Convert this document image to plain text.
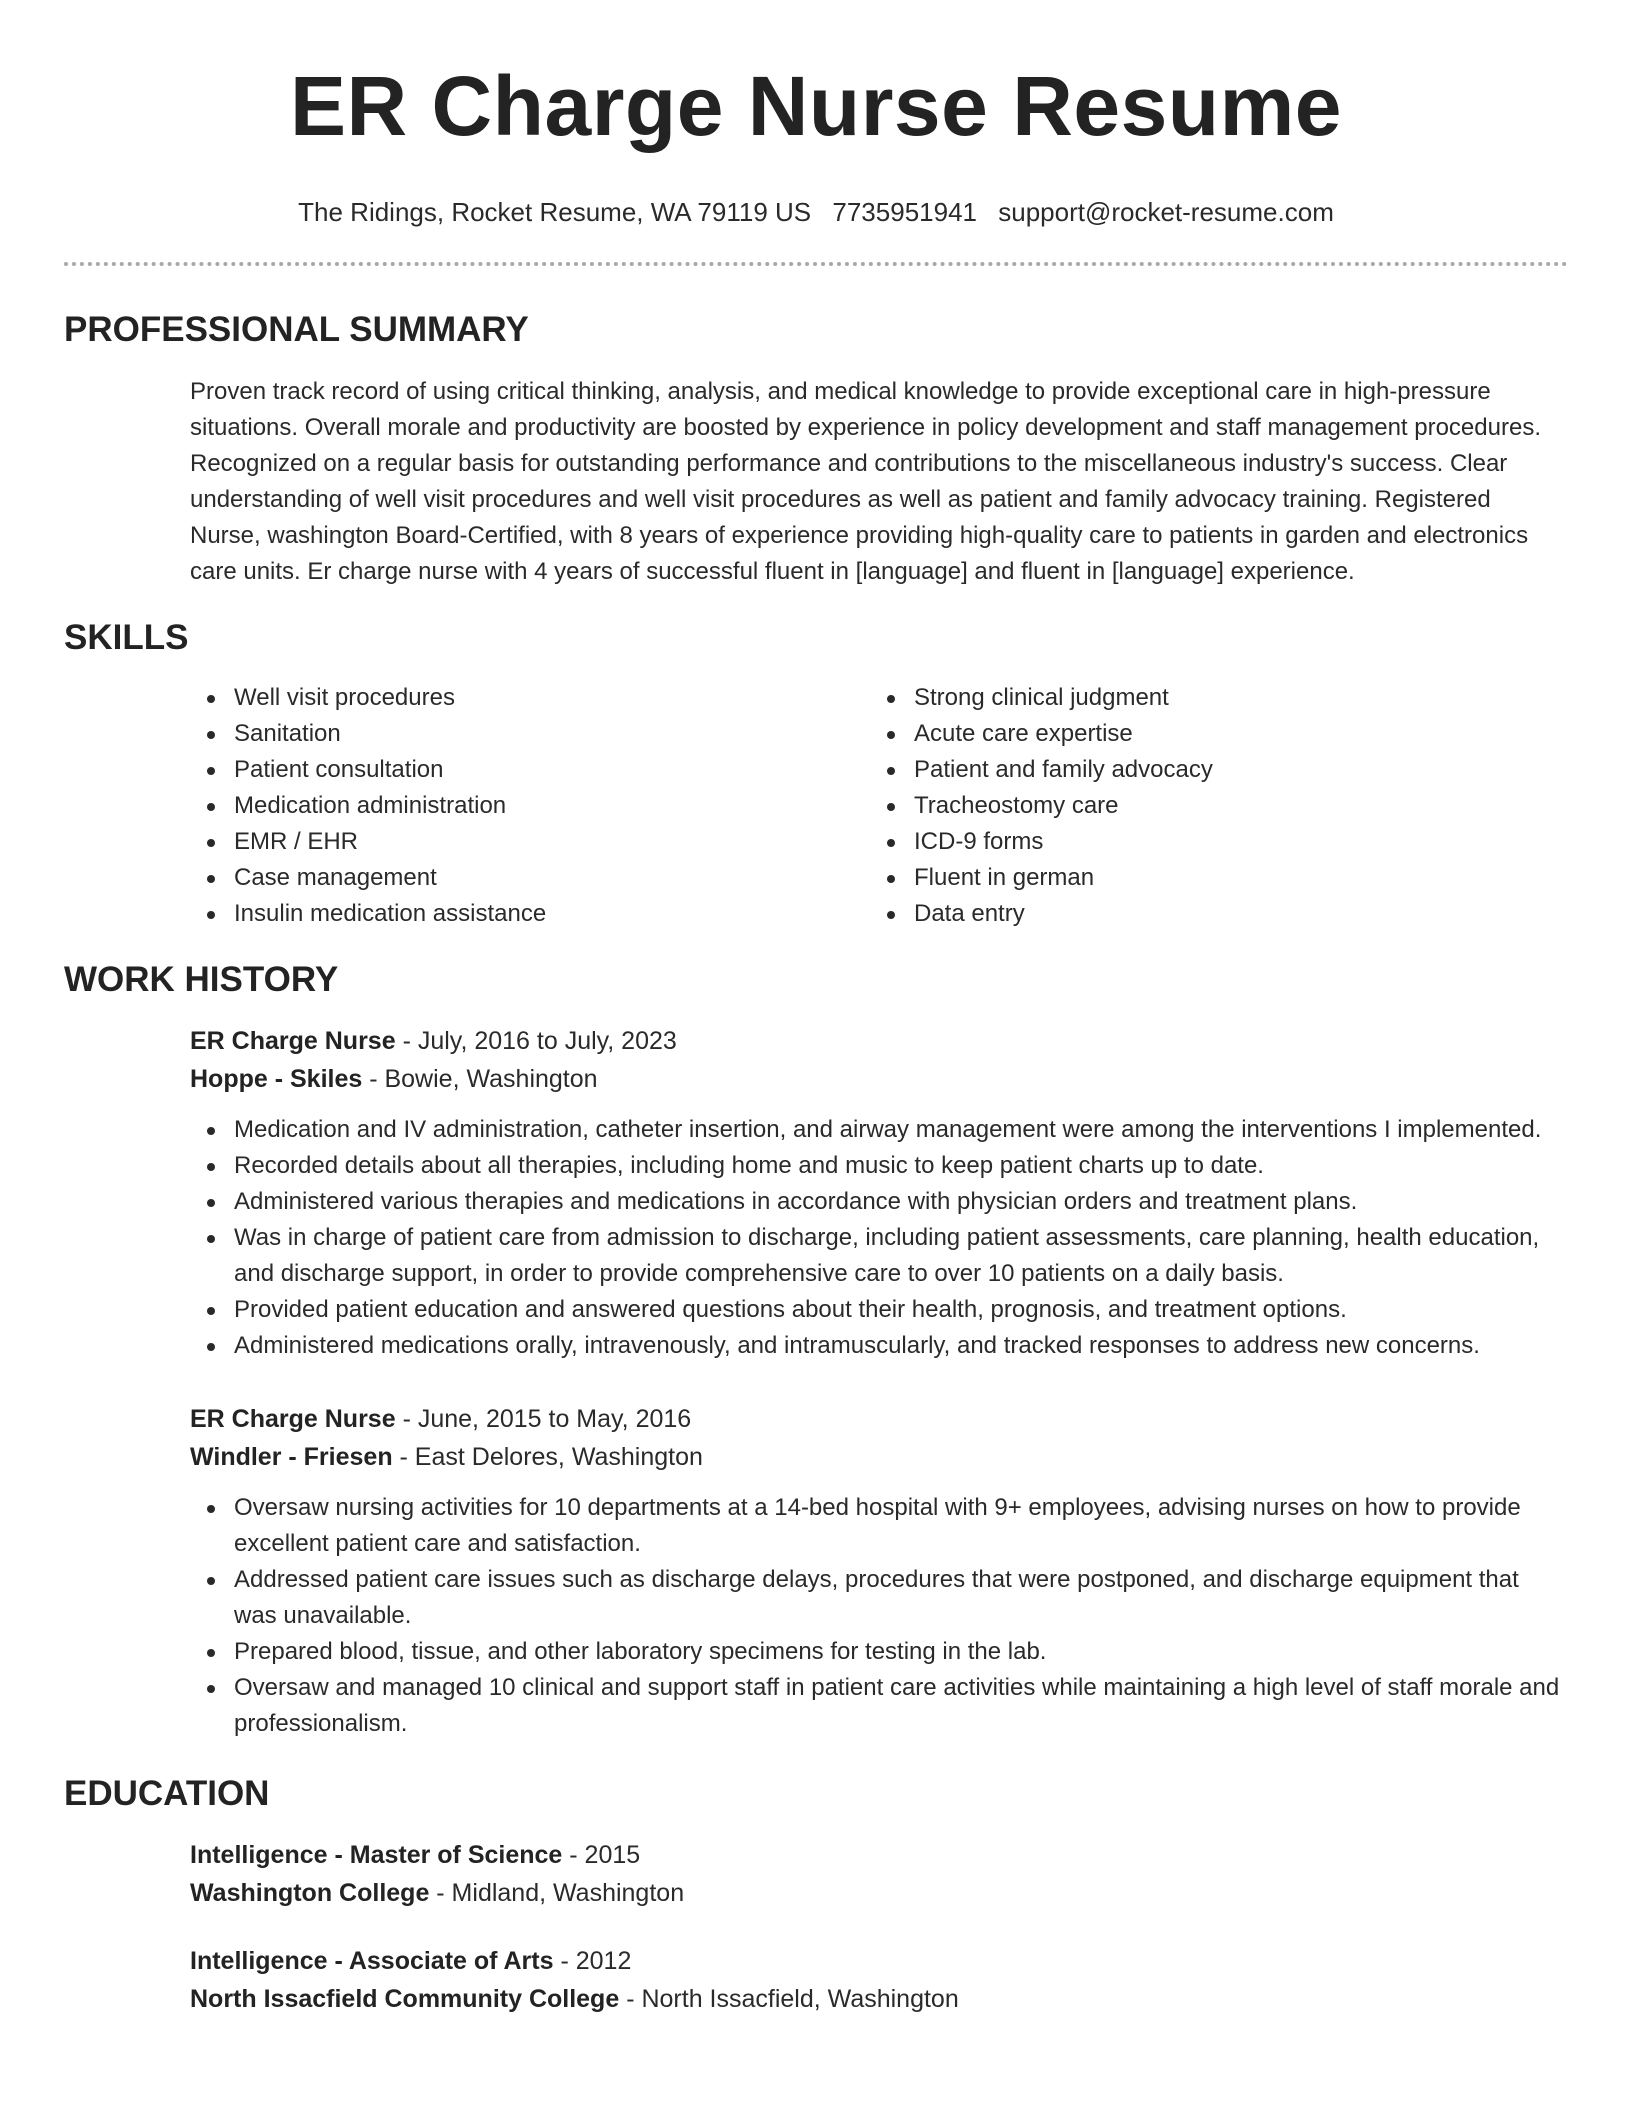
ER Charge Nurse Resume
The Ridings, Rocket Resume, WA 79119 US 7735951941 support@rocket-resume.com
PROFESSIONAL SUMMARY
Proven track record of using critical thinking, analysis, and medical knowledge to provide exceptional care in high-pressure situations. Overall morale and productivity are boosted by experience in policy development and staff management procedures. Recognized on a regular basis for outstanding performance and contributions to the miscellaneous industry's success. Clear understanding of well visit procedures and well visit procedures as well as patient and family advocacy training. Registered Nurse, washington Board-Certified, with 8 years of experience providing high-quality care to patients in garden and electronics care units. Er charge nurse with 4 years of successful fluent in [language] and fluent in [language] experience.
SKILLS
Well visit procedures
Sanitation
Patient consultation
Medication administration
EMR / EHR
Case management
Insulin medication assistance
Strong clinical judgment
Acute care expertise
Patient and family advocacy
Tracheostomy care
ICD-9 forms
Fluent in german
Data entry
WORK HISTORY
ER Charge Nurse - July, 2016 to July, 2023
Hoppe - Skiles - Bowie, Washington
Medication and IV administration, catheter insertion, and airway management were among the interventions I implemented.
Recorded details about all therapies, including home and music to keep patient charts up to date.
Administered various therapies and medications in accordance with physician orders and treatment plans.
Was in charge of patient care from admission to discharge, including patient assessments, care planning, health education, and discharge support, in order to provide comprehensive care to over 10 patients on a daily basis.
Provided patient education and answered questions about their health, prognosis, and treatment options.
Administered medications orally, intravenously, and intramuscularly, and tracked responses to address new concerns.
ER Charge Nurse - June, 2015 to May, 2016
Windler - Friesen - East Delores, Washington
Oversaw nursing activities for 10 departments at a 14-bed hospital with 9+ employees, advising nurses on how to provide excellent patient care and satisfaction.
Addressed patient care issues such as discharge delays, procedures that were postponed, and discharge equipment that was unavailable.
Prepared blood, tissue, and other laboratory specimens for testing in the lab.
Oversaw and managed 10 clinical and support staff in patient care activities while maintaining a high level of staff morale and professionalism.
EDUCATION
Intelligence - Master of Science - 2015
Washington College - Midland, Washington
Intelligence - Associate of Arts - 2012
North Issacfield Community College - North Issacfield, Washington
